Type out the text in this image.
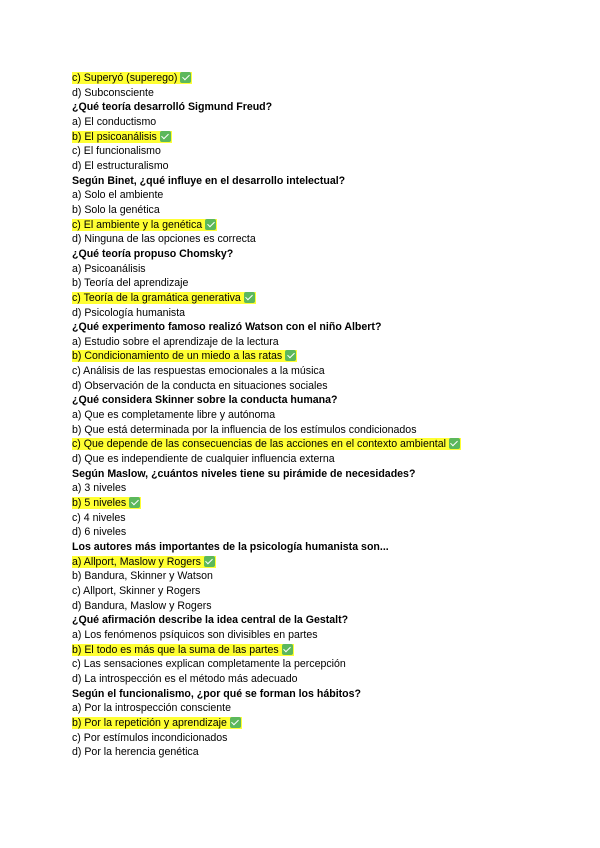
c) Superyó (superego)
d) Subconsciente
¿Qué teoría desarrolló Sigmund Freud?
a) El conductismo
b) El psicoanálisis
c) El funcionalismo
d) El estructuralismo
Según Binet, ¿qué influye en el desarrollo intelectual?
a) Solo el ambiente
b) Solo la genética
c) El ambiente y la genética
d) Ninguna de las opciones es correcta
¿Qué teoría propuso Chomsky?
a) Psicoanálisis
b) Teoría del aprendizaje
c) Teoría de la gramática generativa
d) Psicología humanista
¿Qué experimento famoso realizó Watson con el niño Albert?
a) Estudio sobre el aprendizaje de la lectura
b) Condicionamiento de un miedo a las ratas
c) Análisis de las respuestas emocionales a la música
d) Observación de la conducta en situaciones sociales
¿Qué considera Skinner sobre la conducta humana?
a) Que es completamente libre y autónoma
b) Que está determinada por la influencia de los estímulos condicionados
c) Que depende de las consecuencias de las acciones en el contexto ambiental
d) Que es independiente de cualquier influencia externa
Según Maslow, ¿cuántos niveles tiene su pirámide de necesidades?
a) 3 niveles
b) 5 niveles
c) 4 niveles
d) 6 niveles
Los autores más importantes de la psicología humanista son...
a) Allport, Maslow y Rogers
b) Bandura, Skinner y Watson
c) Allport, Skinner y Rogers
d) Bandura, Maslow y Rogers
¿Qué afirmación describe la idea central de la Gestalt?
a) Los fenómenos psíquicos son divisibles en partes
b) El todo es más que la suma de las partes
c) Las sensaciones explican completamente la percepción
d) La introspección es el método más adecuado
Según el funcionalismo, ¿por qué se forman los hábitos?
a) Por la introspección consciente
b) Por la repetición y aprendizaje
c) Por estímulos incondicionados
d) Por la herencia genética
